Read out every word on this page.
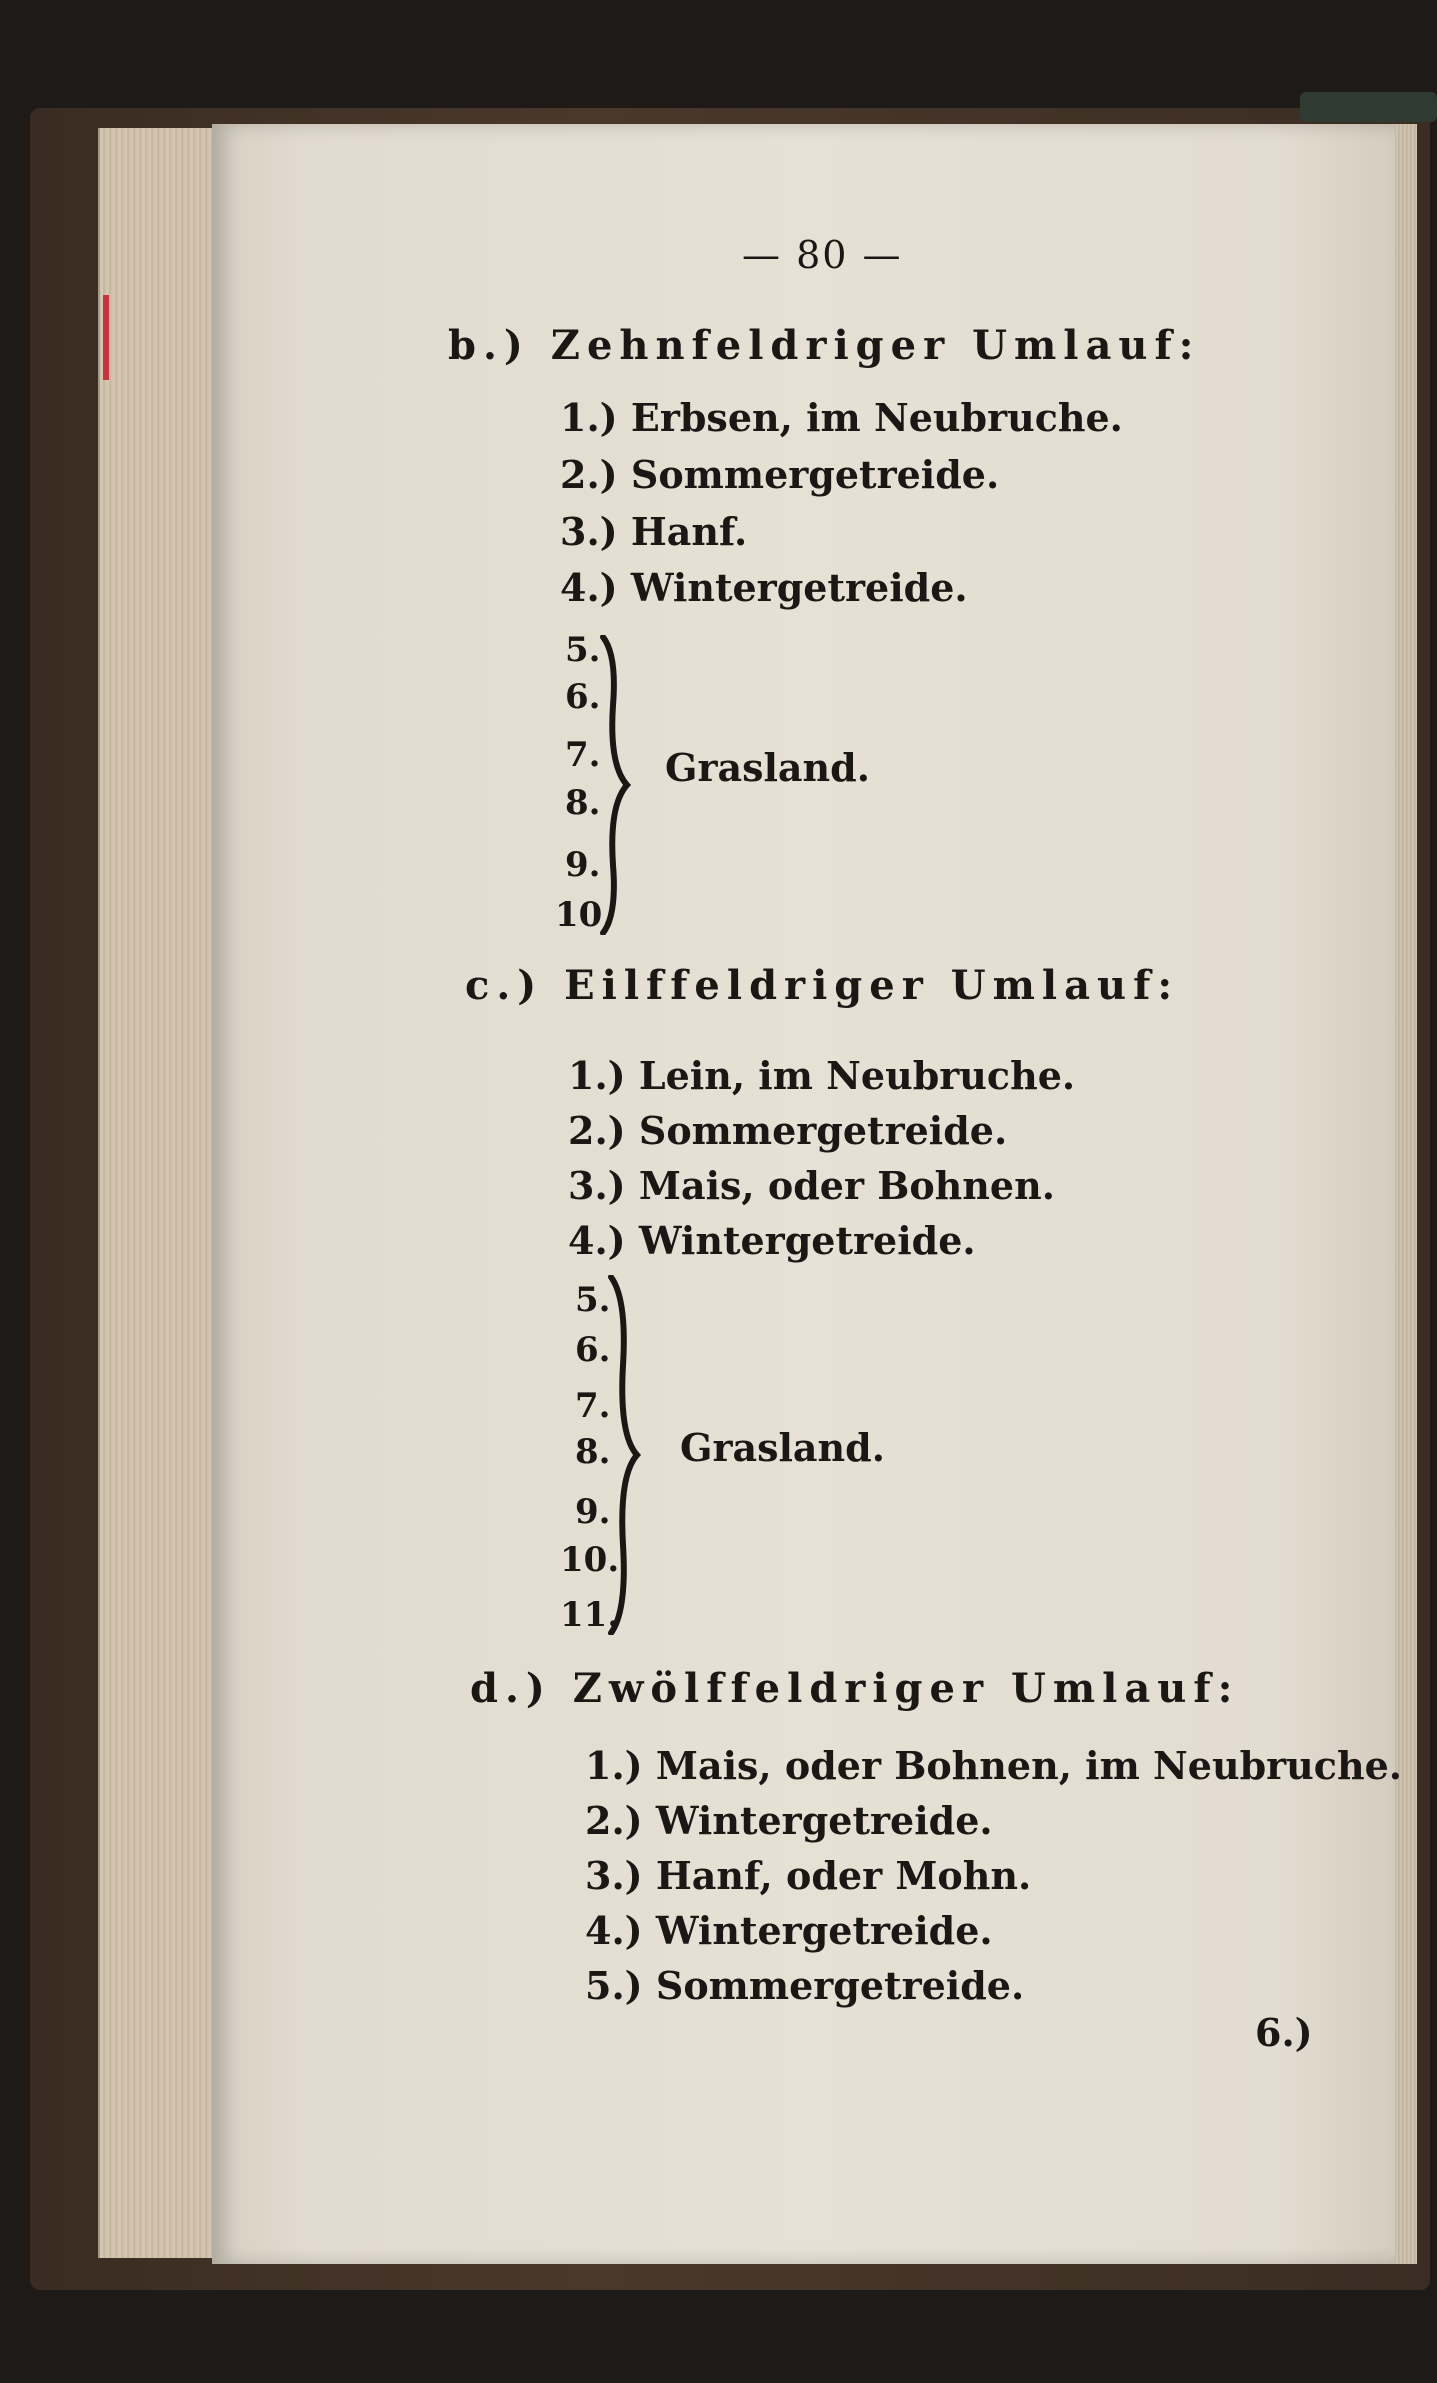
— 80 —
b.) Zehnfeldriger Umlauf:
1.) Erbsen, im Neubruche.
2.) Sommergetreide.
3.) Hanf.
4.) Wintergetreide.
5.
6.
7.
8.
9.
10.
Grasland.
c.) Eilffeldriger Umlauf:
1.) Lein, im Neubruche.
2.) Sommergetreide.
3.) Mais, oder Bohnen.
4.) Wintergetreide.
5.
6.
7.
8.
9.
10.
11.
Grasland.
d.) Zwölffeldriger Umlauf:
1.) Mais, oder Bohnen, im Neubruche.
2.) Wintergetreide.
3.) Hanf, oder Mohn.
4.) Wintergetreide.
5.) Sommergetreide.
6.)
